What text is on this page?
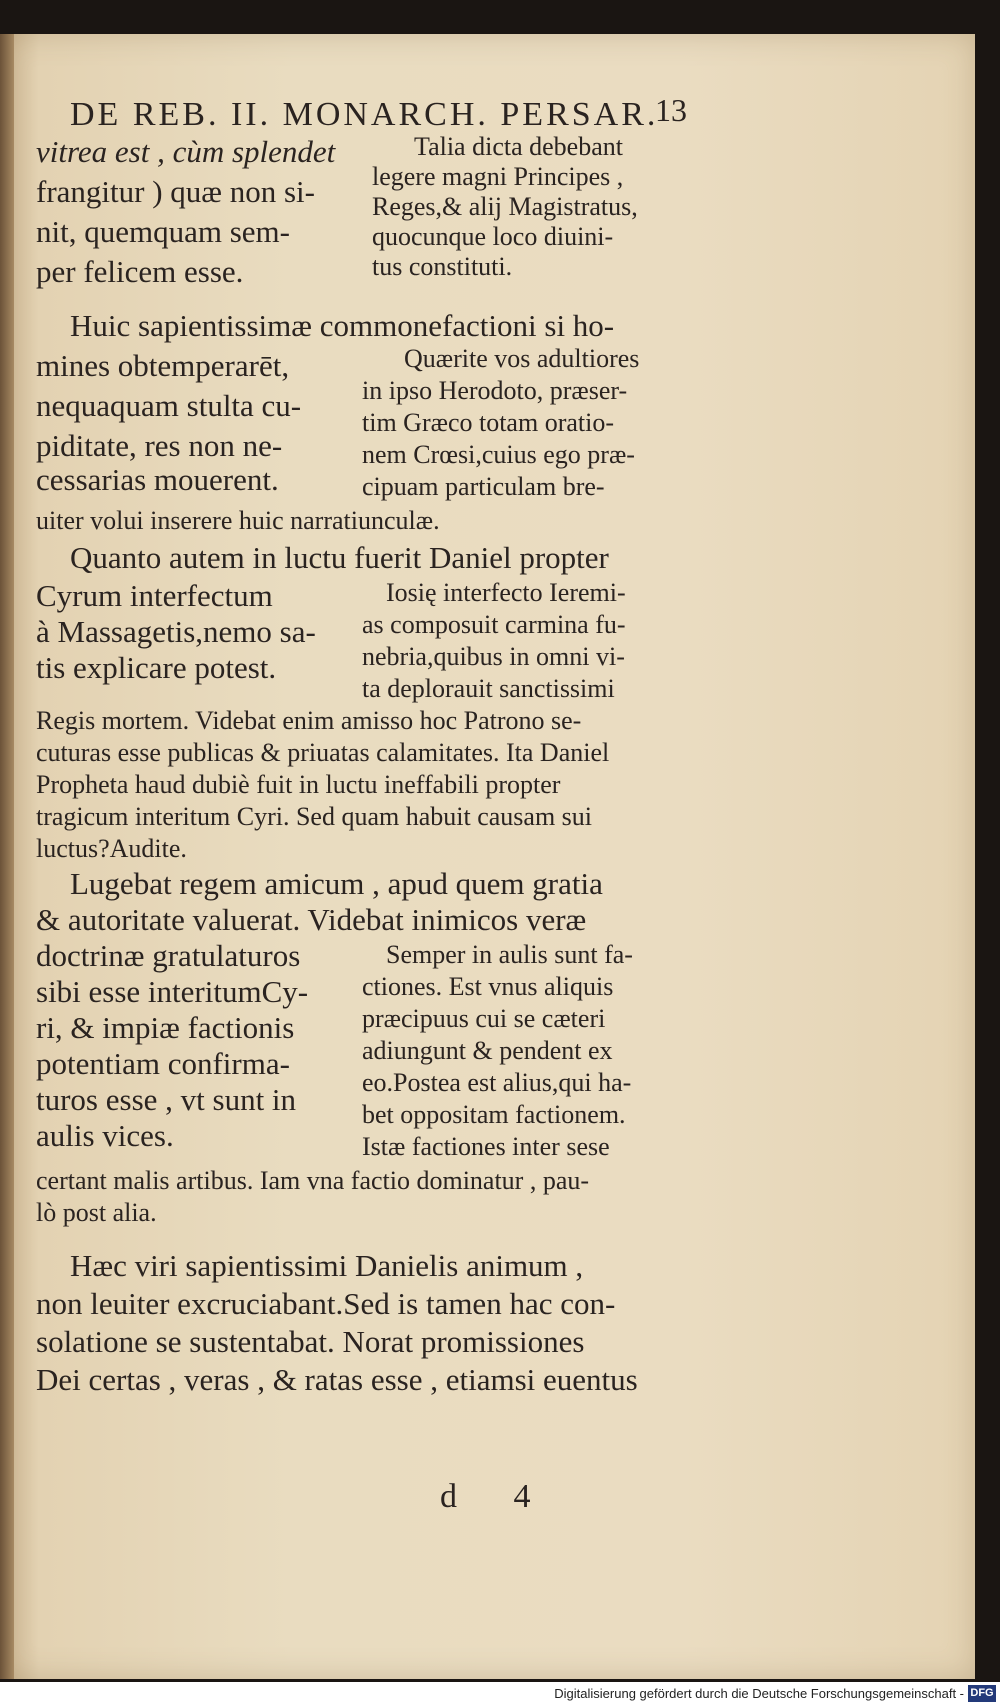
DE REB. II. MONARCH. PERSAR.
13
vitrea est , cùm splendet
frangitur ) quæ non si-
nit, quemquam sem-
per felicem esse.
Talia dicta debebant
legere magni Principes ,
Reges,& alij Magistratus,
quocunque loco diuini-
tus constituti.
Huic sapientissimæ commonefactioni si ho-
mines obtemperarēt,
nequaquam stulta cu-
piditate, res non ne-
cessarias mouerent.
Quærite vos adultiores
in ipso Herodoto, præser-
tim Græco totam oratio-
nem Crœsi,cuius ego præ-
cipuam particulam bre-
uiter volui inserere huic narratiunculæ.
Quanto autem in luctu fuerit Daniel propter
Cyrum interfectum
à Massagetis,nemo sa-
tis explicare potest.
Iosię interfecto Ieremi-
as composuit carmina fu-
nebria,quibus in omni vi-
ta deplorauit sanctissimi
Regis mortem. Videbat enim amisso hoc Patrono se-
cuturas esse publicas & priuatas calamitates. Ita Daniel
Propheta haud dubiè fuit in luctu ineffabili propter
tragicum interitum Cyri. Sed quam habuit causam sui
luctus?Audite.
Lugebat regem amicum , apud quem gratia
& autoritate valuerat. Videbat inimicos veræ
doctrinæ gratulaturos
sibi esse interitumCy-
ri, & impiæ factionis
potentiam confirma-
turos esse , vt sunt in
aulis vices.
Semper in aulis sunt fa-
ctiones. Est vnus aliquis
præcipuus cui se cæteri
adiungunt & pendent ex
eo.Postea est alius,qui ha-
bet oppositam factionem.
Istæ factiones inter sese
certant malis artibus. Iam vna factio dominatur , pau-
lò post alia.
Hæc viri sapientissimi Danielis animum ,
non leuiter excruciabant.Sed is tamen hac con-
solatione se sustentabat. Norat promissiones
Dei certas , veras , & ratas esse , etiamsi euentus
d 4
Digitalisierung gefördert durch die Deutsche Forschungsgemeinschaft - DFG
